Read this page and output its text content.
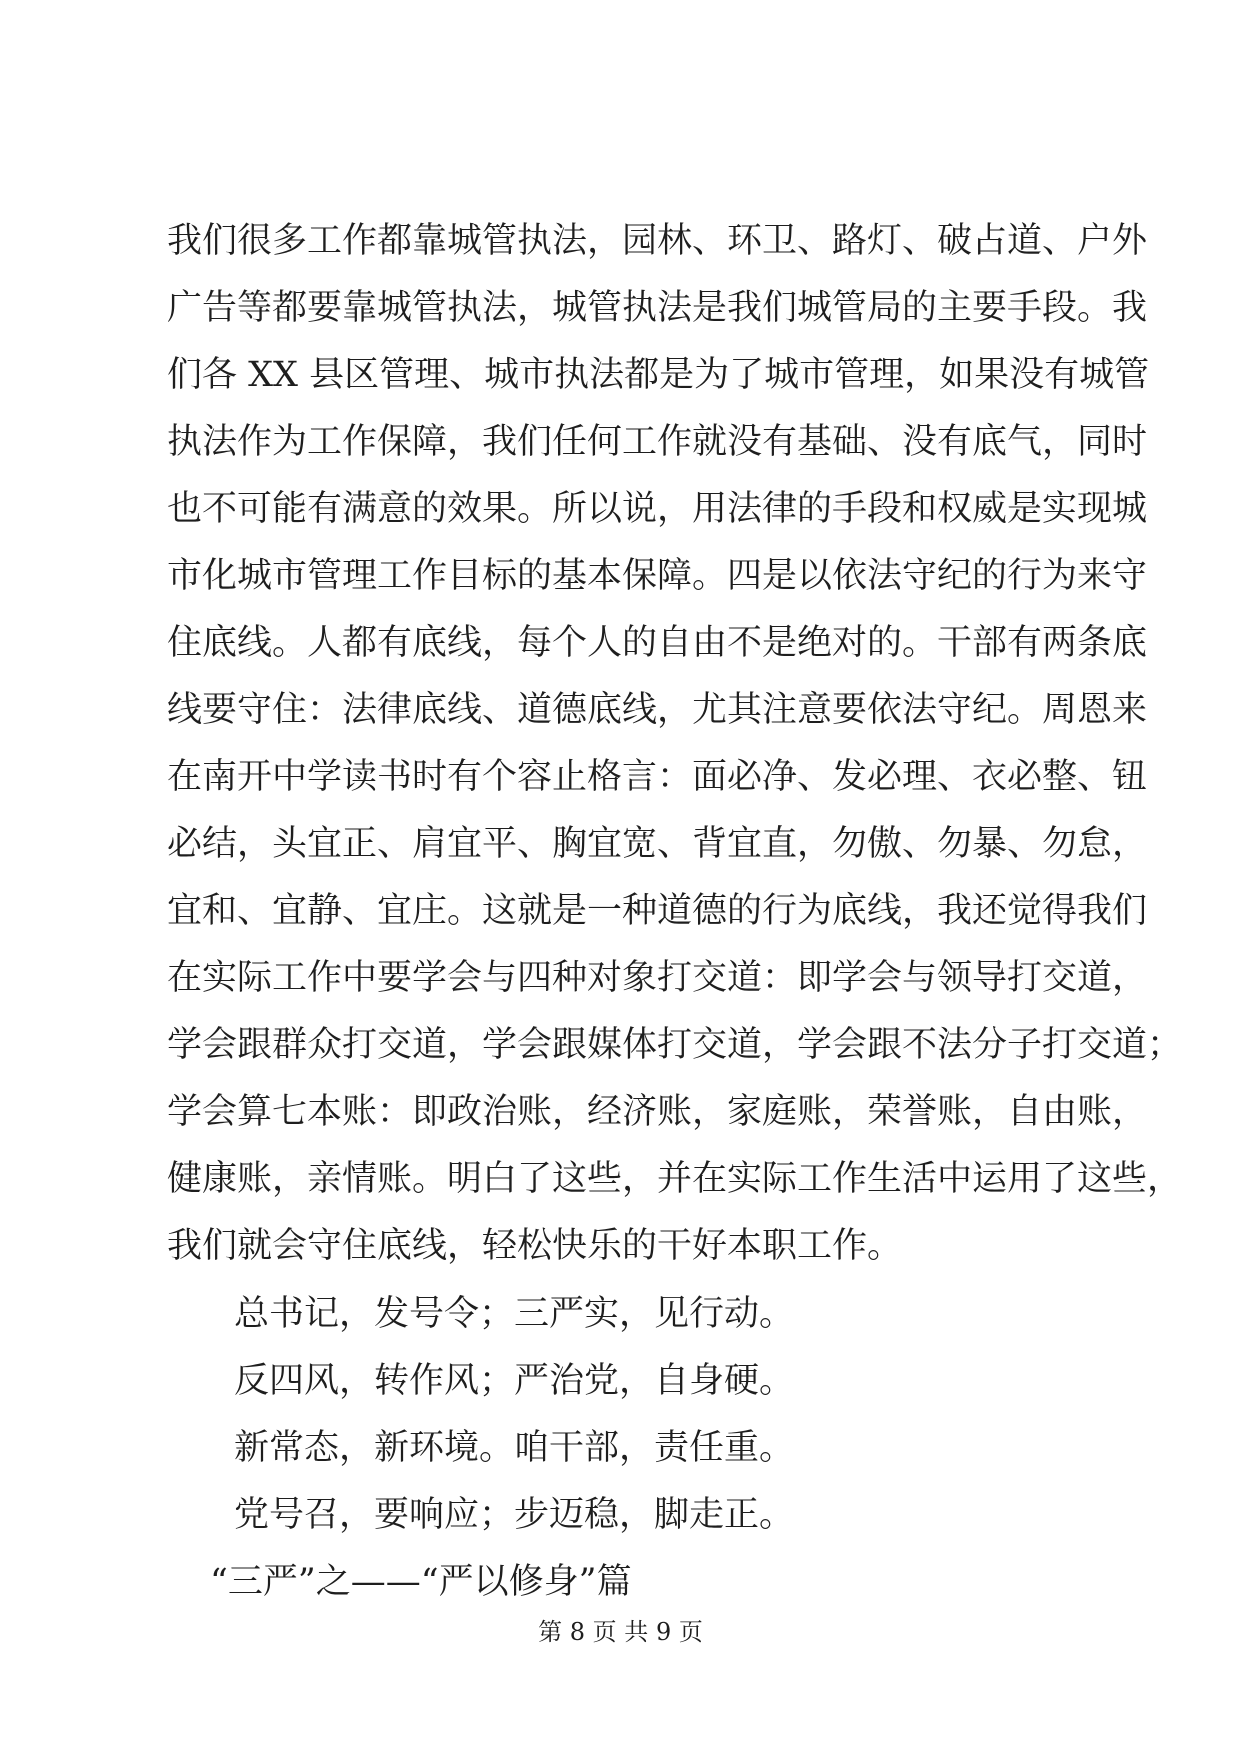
我们很多工作都靠城管执法，园林、环卫、路灯、破占道、户外
广告等都要靠城管执法，城管执法是我们城管局的主要手段。我
们各 XX 县区管理、城市执法都是为了城市管理，如果没有城管
执法作为工作保障，我们任何工作就没有基础、没有底气，同时
也不可能有满意的效果。所以说，用法律的手段和权威是实现城
市化城市管理工作目标的基本保障。四是以依法守纪的行为来守
住底线。人都有底线，每个人的自由不是绝对的。干部有两条底
线要守住：法律底线、道德底线，尤其注意要依法守纪。周恩来
在南开中学读书时有个容止格言：面必净、发必理、衣必整、钮
必结，头宜正、肩宜平、胸宜宽、背宜直，勿傲、勿暴、勿怠，
宜和、宜静、宜庄。这就是一种道德的行为底线，我还觉得我们
在实际工作中要学会与四种对象打交道：即学会与领导打交道，
学会跟群众打交道，学会跟媒体打交道，学会跟不法分子打交道；
学会算七本账：即政治账，经济账，家庭账，荣誉账，自由账，
健康账，亲情账。明白了这些，并在实际工作生活中运用了这些，
我们就会守住底线，轻松快乐的干好本职工作。
总书记，发号令；三严实，见行动。
反四风，转作风；严治党，自身硬。
新常态，新环境。咱干部，责任重。
党号召，要响应；步迈稳，脚走正。
“三严”之——“严以修身”篇
第 8 页 共 9 页
